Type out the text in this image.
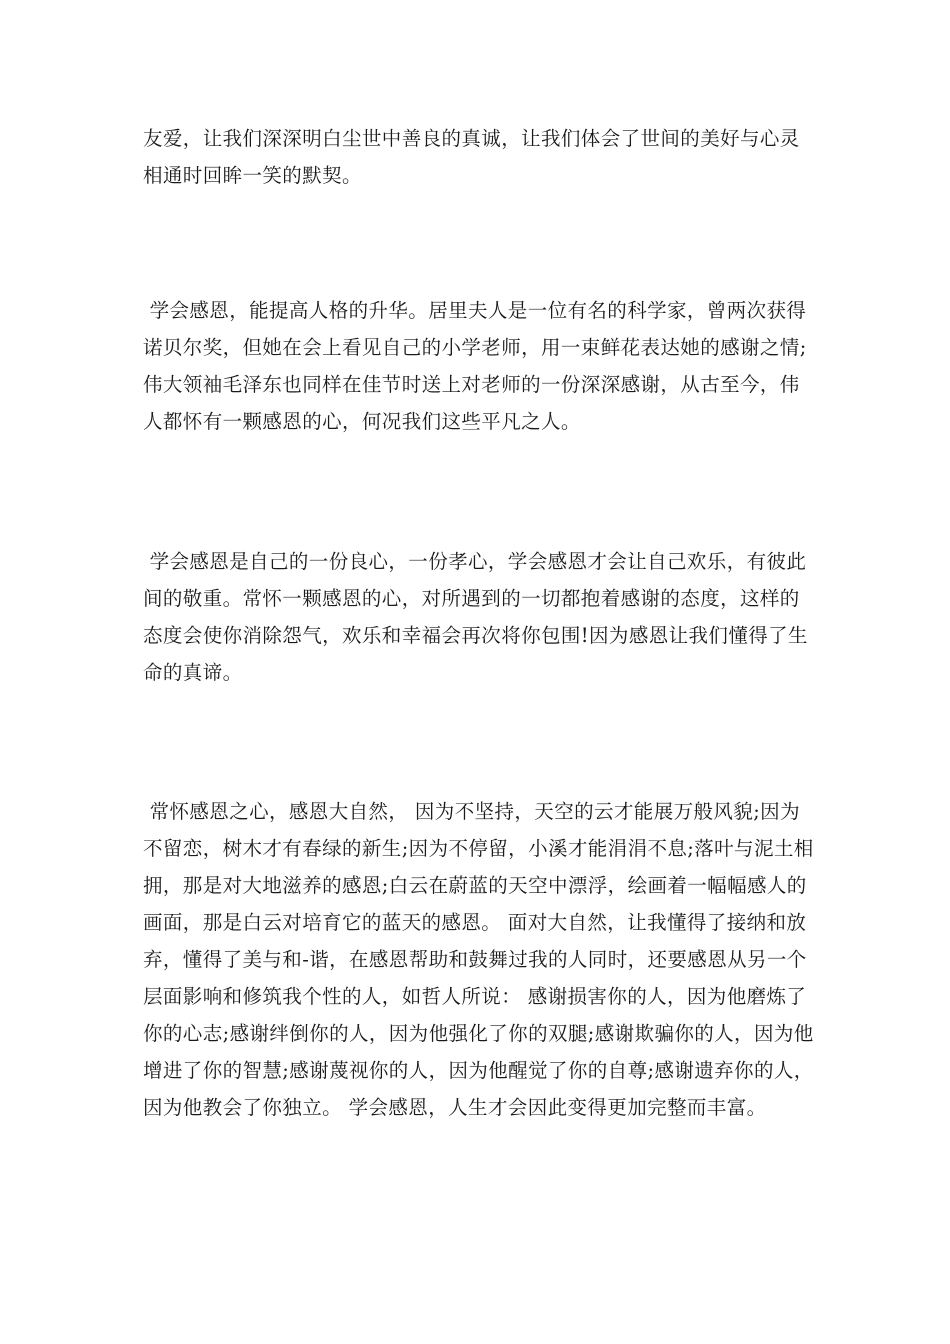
友爱，让我们深深明白尘世中善良的真诚，让我们体会了世间的美好与心灵相通时回眸一笑的默契。

学会感恩，能提高人格的升华。居里夫人是一位有名的科学家，曾两次获得诺贝尔奖，但她在会上看见自己的小学老师，用一束鲜花表达她的感谢之情;伟大领袖毛泽东也同样在佳节时送上对老师的一份深深感谢，从古至今，伟人都怀有一颗感恩的心，何况我们这些平凡之人。

学会感恩是自己的一份良心，一份孝心，学会感恩才会让自己欢乐，有彼此间的敬重。常怀一颗感恩的心，对所遇到的一切都抱着感谢的态度，这样的态度会使你消除怨气，欢乐和幸福会再次将你包围!因为感恩让我们懂得了生命的真谛。

常怀感恩之心，感恩大自然， 因为不坚持，天空的云才能展万般风貌;因为不留恋，树木才有春绿的新生;因为不停留，小溪才能涓涓不息;落叶与泥土相拥，那是对大地滋养的感恩;白云在蔚蓝的天空中漂浮，绘画着一幅幅感人的画面，那是白云对培育它的蓝天的感恩。 面对大自然，让我懂得了接纳和放弃，懂得了美与和-谐，在感恩帮助和鼓舞过我的人同时，还要感恩从另一个层面影响和修筑我个性的人，如哲人所说： 感谢损害你的人，因为他磨炼了你的心志;感谢绊倒你的人，因为他强化了你的双腿;感谢欺骗你的人，因为他增进了你的智慧;感谢蔑视你的人，因为他醒觉了你的自尊;感谢遗弃你的人，因为他教会了你独立。 学会感恩，人生才会因此变得更加完整而丰富。
